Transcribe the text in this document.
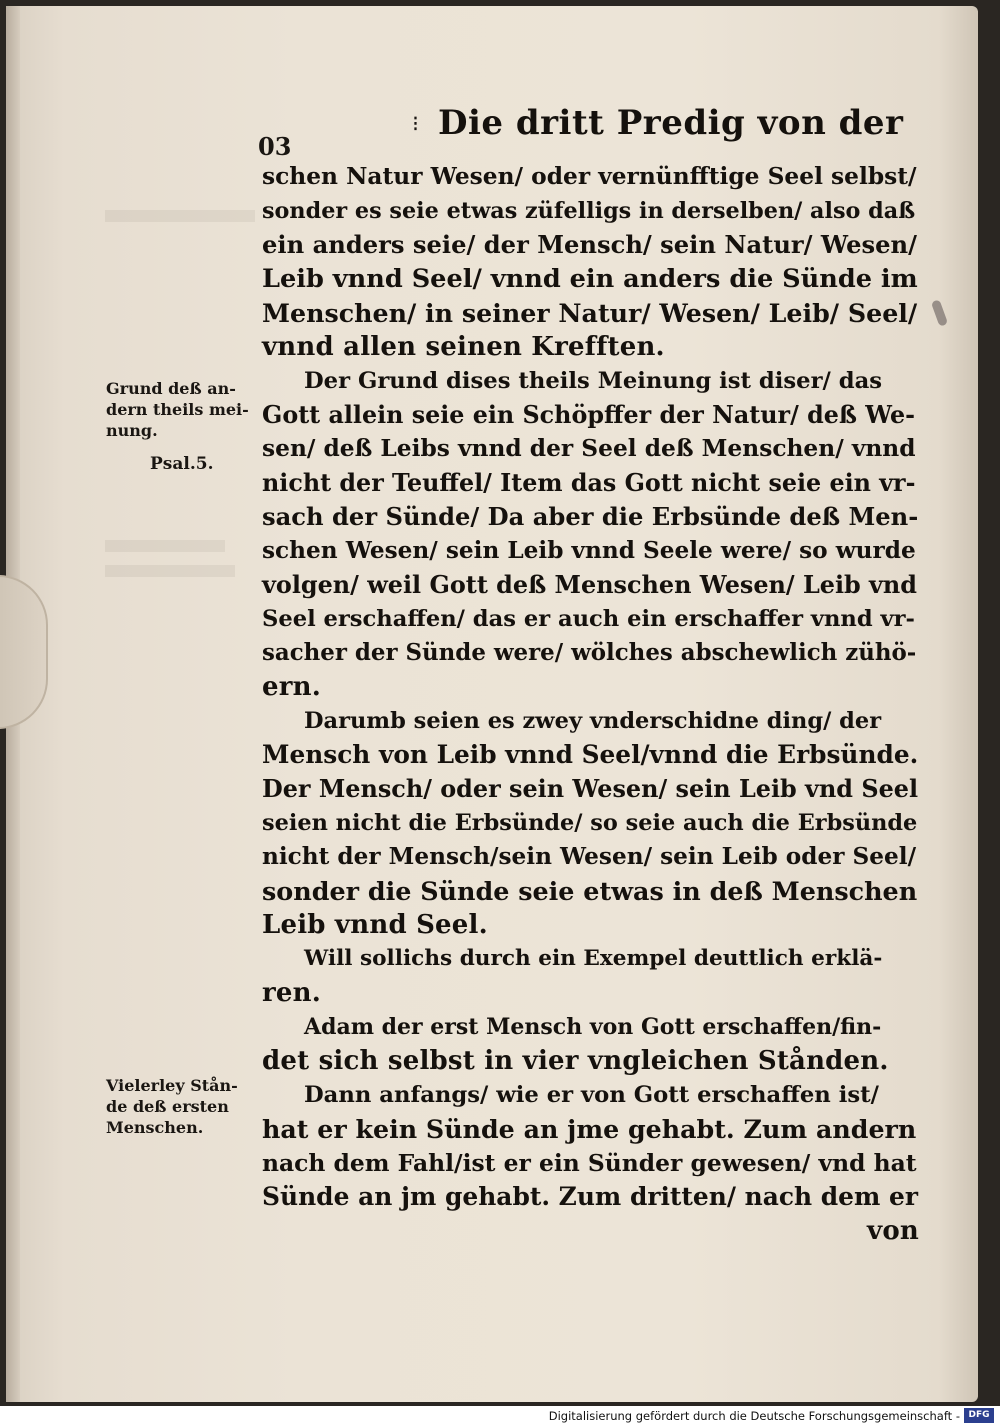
03
⁝ Die dritt Predig von der
schen Natur Wesen/ oder vernünfftige Seel selbst/
sonder es seie etwas züfelligs in derselben/ also daß
ein anders seie/ der Mensch/ sein Natur/ Wesen/
Leib vnnd Seel/ vnnd ein anders die Sünde im
Menschen/ in seiner Natur/ Wesen/ Leib/ Seel/
vnnd allen seinen Krefften.
Der Grund dises theils Meinung ist diser/ das
Gott allein seie ein Schöpffer der Natur/ deß We-
sen/ deß Leibs vnnd der Seel deß Menschen/ vnnd
nicht der Teuffel/ Item das Gott nicht seie ein vr-
sach der Sünde/ Da aber die Erbsünde deß Men-
schen Wesen/ sein Leib vnnd Seele were/ so wurde
volgen/ weil Gott deß Menschen Wesen/ Leib vnd
Seel erschaffen/ das er auch ein erschaffer vnnd vr-
sacher der Sünde were/ wölches abschewlich zühö-
ern.
Darumb seien es zwey vnderschidne ding/ der
Mensch von Leib vnnd Seel/vnnd die Erbsünde.
Der Mensch/ oder sein Wesen/ sein Leib vnd Seel
seien nicht die Erbsünde/ so seie auch die Erbsünde
nicht der Mensch/sein Wesen/ sein Leib oder Seel/
sonder die Sünde seie etwas in deß Menschen
Leib vnnd Seel.
Will sollichs durch ein Exempel deuttlich erklä-
ren.
Adam der erst Mensch von Gott erschaffen/fin-
det sich selbst in vier vngleichen Stånden.
Dann anfangs/ wie er von Gott erschaffen ist/
hat er kein Sünde an jme gehabt. Zum andern
nach dem Fahl/ist er ein Sünder gewesen/ vnd hat
Sünde an jm gehabt. Zum dritten/ nach dem er
von
Grund deß an-
dern theils mei-
nung.
Psal.5.
Vielerley Stån-
de deß ersten
Menschen.
Digitalisierung gefördert durch die Deutsche Forschungsgemeinschaft - DFG
